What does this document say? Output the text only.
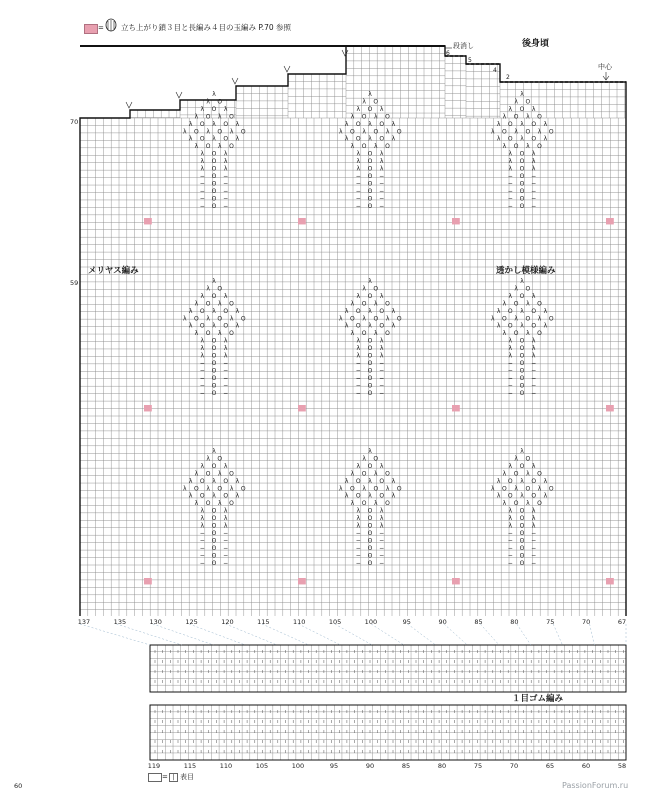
λ
λ O
λ O λ
λ O λ O
λ O λ O λ
λ O λ O λ O
λ O λ O λ
λ O λ O
λ O λ
λ O λ
λ O λ
− ʘ −
− ʘ −
− ʘ −
− ʘ −
− ʘ −
λ
λ O
λ O λ
λ O λ O
λ O λ O λ
λ O λ O λ O
λ O λ O λ
λ O λ O
λ O λ
λ O λ
λ O λ
− ʘ −
− ʘ −
− ʘ −
− ʘ −
− ʘ −
λ
λ O
λ O λ
λ O λ O
λ O λ O λ
λ O λ O λ O
λ O λ O λ
λ O λ O
λ O λ
λ O λ
λ O λ
− ʘ −
− ʘ −
− ʘ −
− ʘ −
− ʘ −
λ
λ O
λ O λ
λ O λ O
λ O λ O λ
λ O λ O λ O
λ O λ O λ
λ O λ O
λ O λ
λ O λ
λ O λ
− ʘ −
− ʘ −
− ʘ −
− ʘ −
− ʘ −
λ
λ O
λ O λ
λ O λ O
λ O λ O λ
λ O λ O λ O
λ O λ O λ
λ O λ O
λ O λ
λ O λ
λ O λ
− ʘ −
− ʘ −
− ʘ −
− ʘ −
− ʘ −
λ
λ O
λ O λ
λ O λ O
λ O λ O λ
λ O λ O λ O
λ O λ O λ
λ O λ O
λ O λ
λ O λ
λ O λ
− ʘ −
− ʘ −
− ʘ −
− ʘ −
− ʘ −
λ
λ O
λ O λ
λ O λ O
λ O λ O λ
λ O λ O λ O
λ O λ O λ
λ O λ O
λ O λ
λ O λ
λ O λ
− ʘ −
− ʘ −
− ʘ −
− ʘ −
− ʘ −
λ
λ O
λ O λ
λ O λ O
λ O λ O λ
λ O λ O λ O
λ O λ O λ
λ O λ O
λ O λ
λ O λ
λ O λ
− ʘ −
− ʘ −
− ʘ −
− ʘ −
− ʘ −
λ
λ O
λ O λ
λ O λ O
λ O λ O λ
λ O λ O λ O
λ O λ O λ
λ O λ O
λ O λ
λ O λ
λ O λ
− ʘ −
− ʘ −
− ʘ −
− ʘ −
− ʘ −
= 立ち上がり鎖３目と長編み４目の玉編み P.70 参照
後身頃
段消し
中心
6
5
4
2
70
59
メリヤス編み	透かし模様編み
１目ゴム編み
137	135	130	125	120	115	110	105	100	95	90	85	80	75	70	67
119	115	110	105	100	95	90	85	80	75	70	65	60	58
= | 表目
60	PassionForum.ru
